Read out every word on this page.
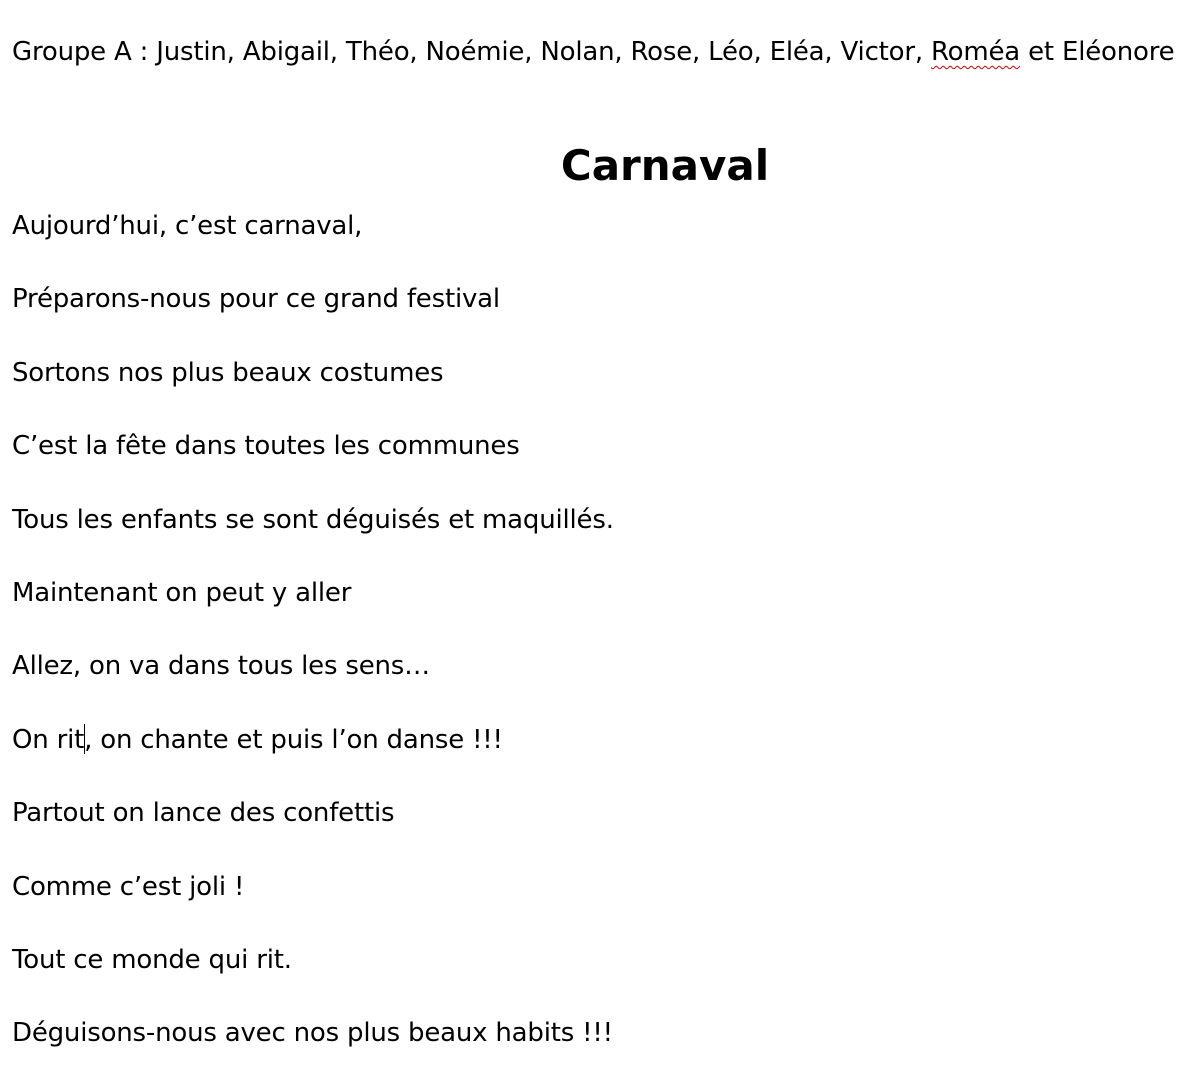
Groupe A : Justin, Abigail, Théo, Noémie, Nolan, Rose, Léo, Eléa, Victor, Roméa et Eléonore
Carnaval
Aujourd’hui, c’est carnaval,
Préparons-nous pour ce grand festival
Sortons nos plus beaux costumes
C’est la fête dans toutes les communes
Tous les enfants se sont déguisés et maquillés.
Maintenant on peut y aller
Allez, on va dans tous les sens…
On rit, on chante et puis l’on danse !!!
Partout on lance des confettis
Comme c’est joli !
Tout ce monde qui rit.
Déguisons-nous avec nos plus beaux habits !!!
